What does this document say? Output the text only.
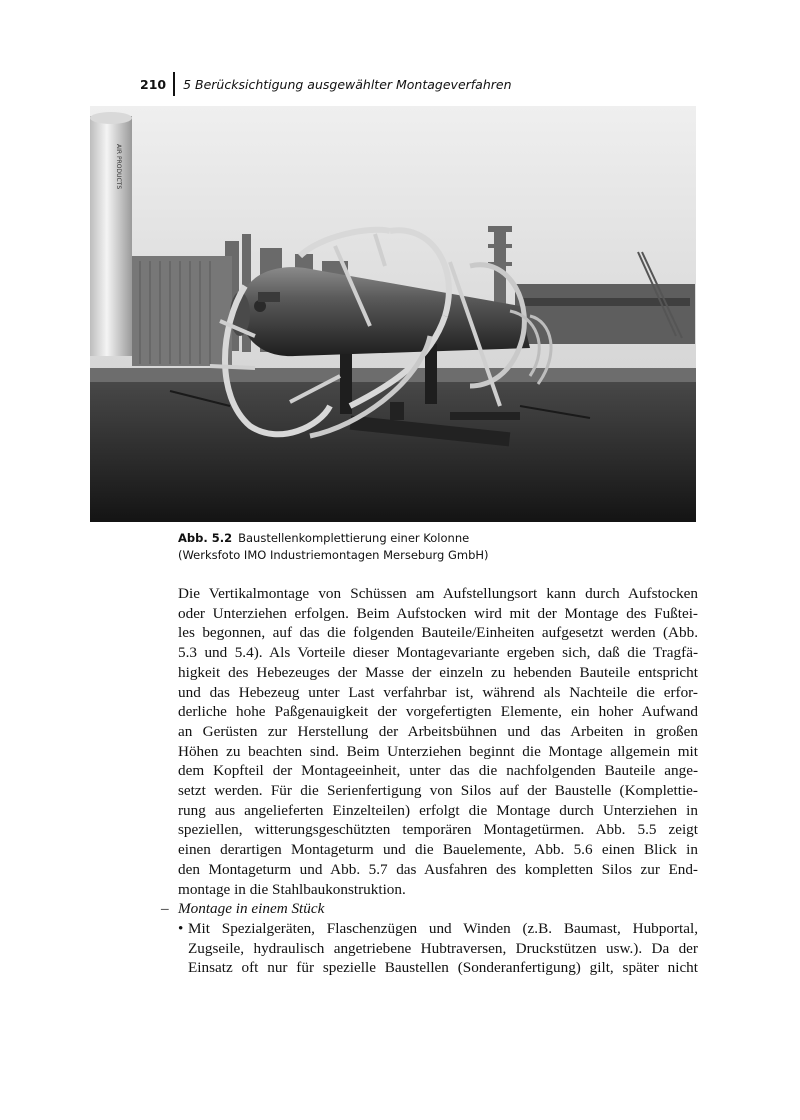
210 5 Berücksichtigung ausgewählter Montageverfahren
AIR PRODUCTS
Abb. 5.2 Baustellenkomplettierung einer Kolonne
(Werksfoto IMO Industriemontagen Merseburg GmbH)
Die Vertikalmontage von Schüssen am Aufstellungsort kann durch Aufstocken
oder Unterziehen erfolgen. Beim Aufstocken wird mit der Montage des Fußtei-
les begonnen, auf das die folgenden Bauteile/Einheiten aufgesetzt werden (Abb.
5.3 und 5.4). Als Vorteile dieser Montagevariante ergeben sich, daß die Tragfä-
higkeit des Hebezeuges der Masse der einzeln zu hebenden Bauteile entspricht
und das Hebezeug unter Last verfahrbar ist, während als Nachteile die erfor-
derliche hohe Paßgenauigkeit der vorgefertigten Elemente, ein hoher Aufwand
an Gerüsten zur Herstellung der Arbeitsbühnen und das Arbeiten in großen
Höhen zu beachten sind. Beim Unterziehen beginnt die Montage allgemein mit
dem Kopfteil der Montageeinheit, unter das die nachfolgenden Bauteile ange-
setzt werden. Für die Serienfertigung von Silos auf der Baustelle (Komplettie-
rung aus angelieferten Einzelteilen) erfolgt die Montage durch Unterziehen in
speziellen, witterungsgeschützten temporären Montagetürmen. Abb. 5.5 zeigt
einen derartigen Montageturm und die Bauelemente, Abb. 5.6 einen Blick in
den Montageturm und Abb. 5.7 das Ausfahren des kompletten Silos zur End-
montage in die Stahlbaukonstruktion.
– Montage in einem Stück
• Mit Spezialgeräten, Flaschenzügen und Winden (z.B. Baumast, Hubportal,
Zugseile, hydraulisch angetriebene Hubtraversen, Druckstützen usw.). Da der
Einsatz oft nur für spezielle Baustellen (Sonderanfertigung) gilt, später nicht
